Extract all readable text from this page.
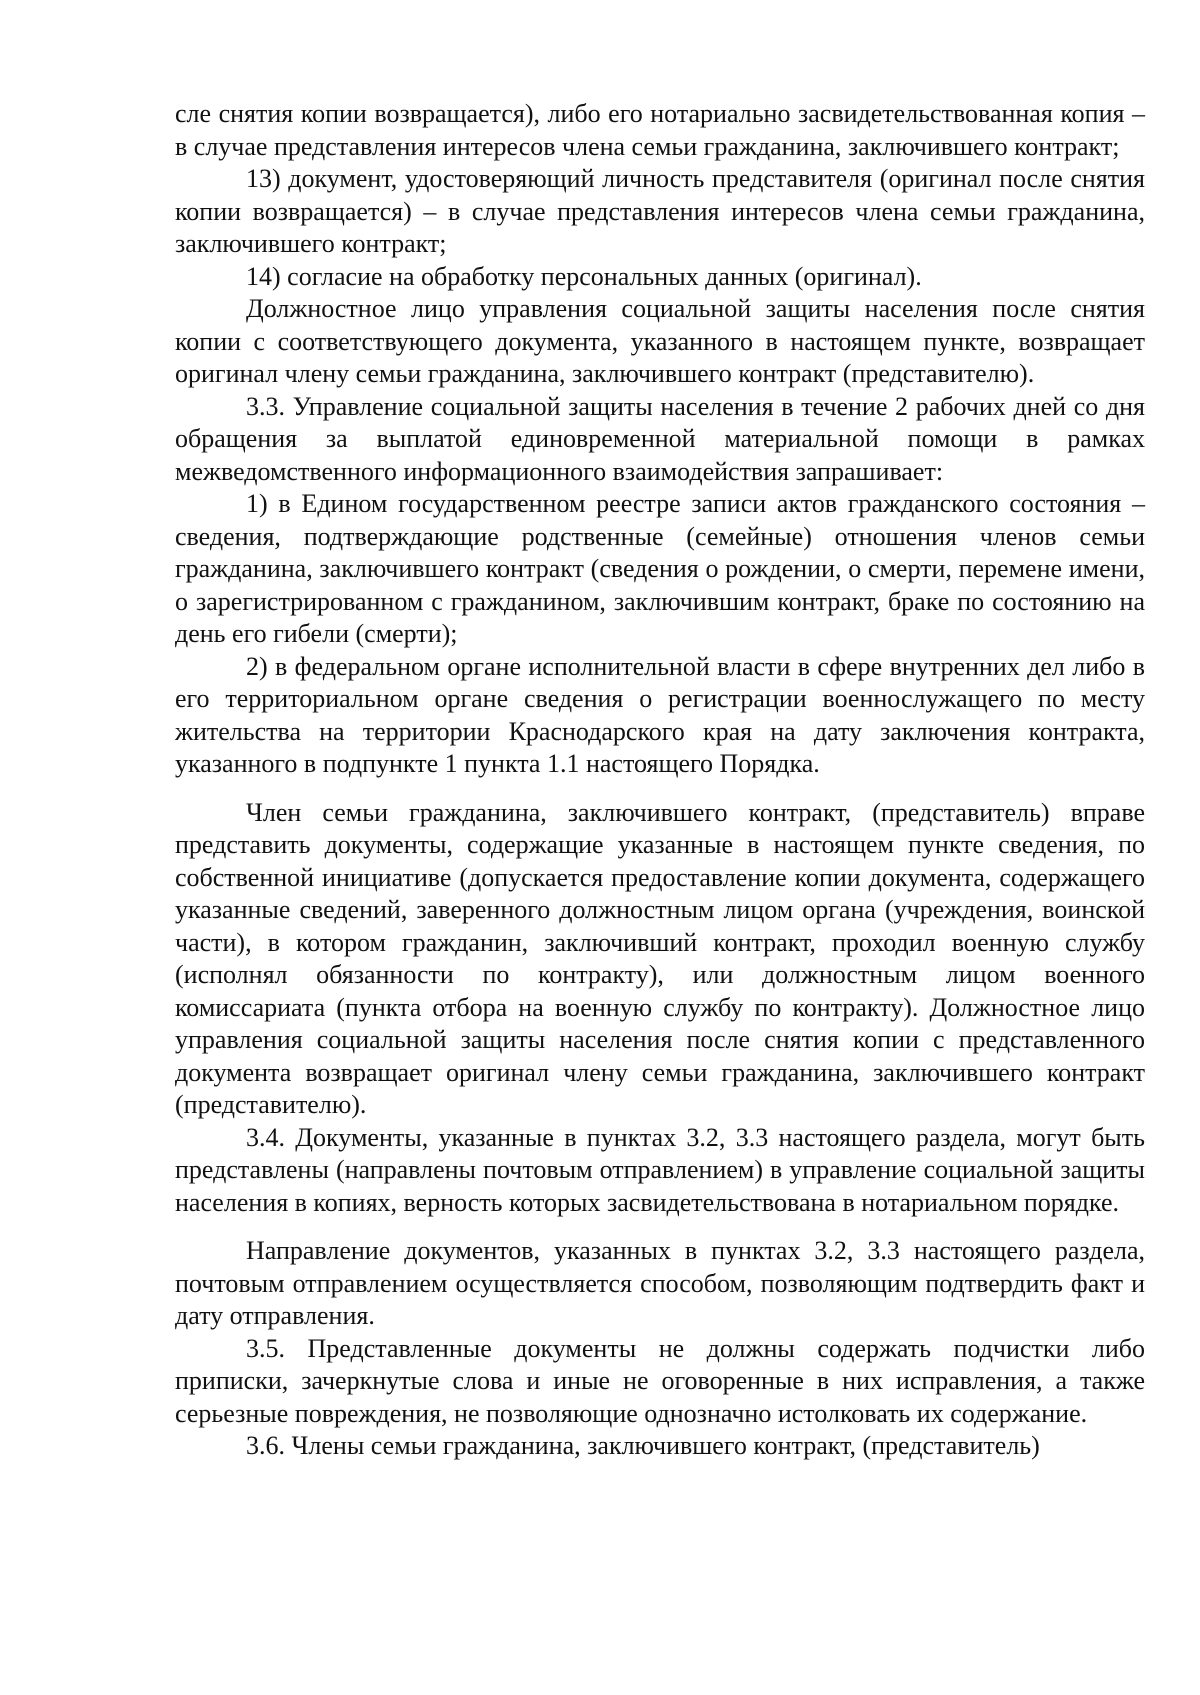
сле снятия копии возвращается), либо его нотариально засвидетельствованная копия – в случае представления интересов члена семьи гражданина, заключившего контракт;

13) документ, удостоверяющий личность представителя (оригинал после снятия копии возвращается) – в случае представления интересов члена семьи гражданина, заключившего контракт;

14) согласие на обработку персональных данных (оригинал).

Должностное лицо управления социальной защиты населения после снятия копии с соответствующего документа, указанного в настоящем пункте, возвращает оригинал члену семьи гражданина, заключившего контракт (представителю).

3.3. Управление социальной защиты населения в течение 2 рабочих дней со дня обращения за выплатой единовременной материальной помощи в рамках межведомственного информационного взаимодействия запрашивает:

1) в Едином государственном реестре записи актов гражданского состояния – сведения, подтверждающие родственные (семейные) отношения членов семьи гражданина, заключившего контракт (сведения о рождении, о смерти, перемене имени, о зарегистрированном с гражданином, заключившим контракт, браке по состоянию на день его гибели (смерти);

2) в федеральном органе исполнительной власти в сфере внутренних дел либо в его территориальном органе сведения о регистрации военнослужащего по месту жительства на территории Краснодарского края на дату заключения контракта, указанного в подпункте 1 пункта 1.1 настоящего Порядка.

Член семьи гражданина, заключившего контракт, (представитель) вправе представить документы, содержащие указанные в настоящем пункте сведения, по собственной инициативе (допускается предоставление копии документа, содержащего указанные сведений, заверенного должностным лицом органа (учреждения, воинской части), в котором гражданин, заключивший контракт, проходил военную службу (исполнял обязанности по контракту), или должностным лицом военного комиссариата (пункта отбора на военную службу по контракту). Должностное лицо управления социальной защиты населения после снятия копии с представленного документа возвращает оригинал члену семьи гражданина, заключившего контракт (представителю).

3.4. Документы, указанные в пунктах 3.2, 3.3 настоящего раздела, могут быть представлены (направлены почтовым отправлением) в управление социальной защиты населения в копиях, верность которых засвидетельствована в нотариальном порядке.

Направление документов, указанных в пунктах 3.2, 3.3 настоящего раздела, почтовым отправлением осуществляется способом, позволяющим подтвердить факт и дату отправления.

3.5. Представленные документы не должны содержать подчистки либо приписки, зачеркнутые слова и иные не оговоренные в них исправления, а также серьезные повреждения, не позволяющие однозначно истолковать их содержание.

3.6. Члены семьи гражданина, заключившего контракт, (представитель)
